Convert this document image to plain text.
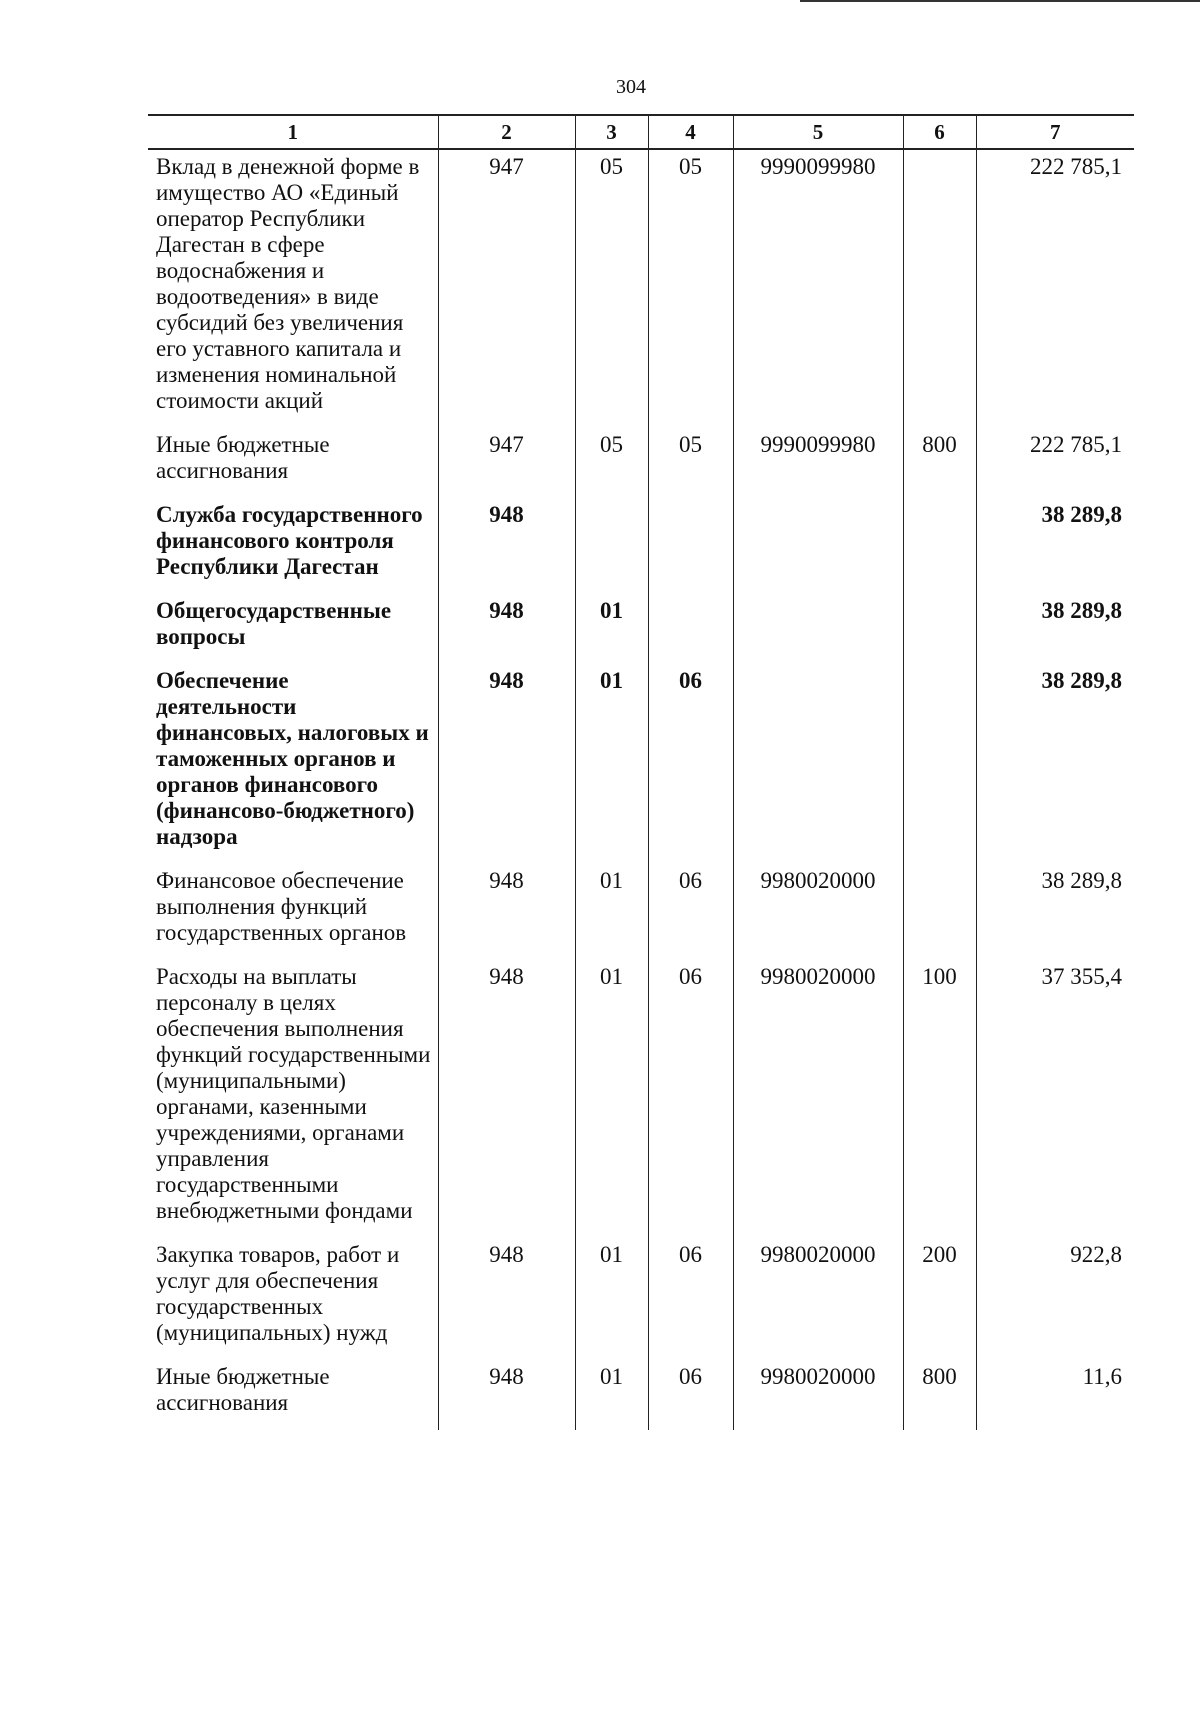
304
1	2	3	4	5	6	7
Вклад в денежной форме в имущество АО «Единый оператор Республики Дагестан в сфере водоснабжения и водоотведения» в виде субсидий без увеличения его уставного капитала и изменения номинальной стоимости акций	947	05	05	9990099980		222 785,1
Иные бюджетные ассигнования	947	05	05	9990099980	800	222 785,1
Служба государственного финансового контроля Республики Дагестан	948					38 289,8
Общегосударственные вопросы	948	01				38 289,8
Обеспечение деятельности финансовых, налоговых и таможенных органов и органов финансового (финансово-бюджетного) надзора	948	01	06			38 289,8
Финансовое обеспечение выполнения функций государственных органов	948	01	06	9980020000		38 289,8
Расходы на выплаты персоналу в целях обеспечения выполнения функций государственными (муниципальными) органами, казенными учреждениями, органами управления государственными внебюджетными фондами	948	01	06	9980020000	100	37 355,4
Закупка товаров, работ и услуг для обеспечения государственных (муниципальных) нужд	948	01	06	9980020000	200	922,8
Иные бюджетные ассигнования	948	01	06	9980020000	800	11,6
